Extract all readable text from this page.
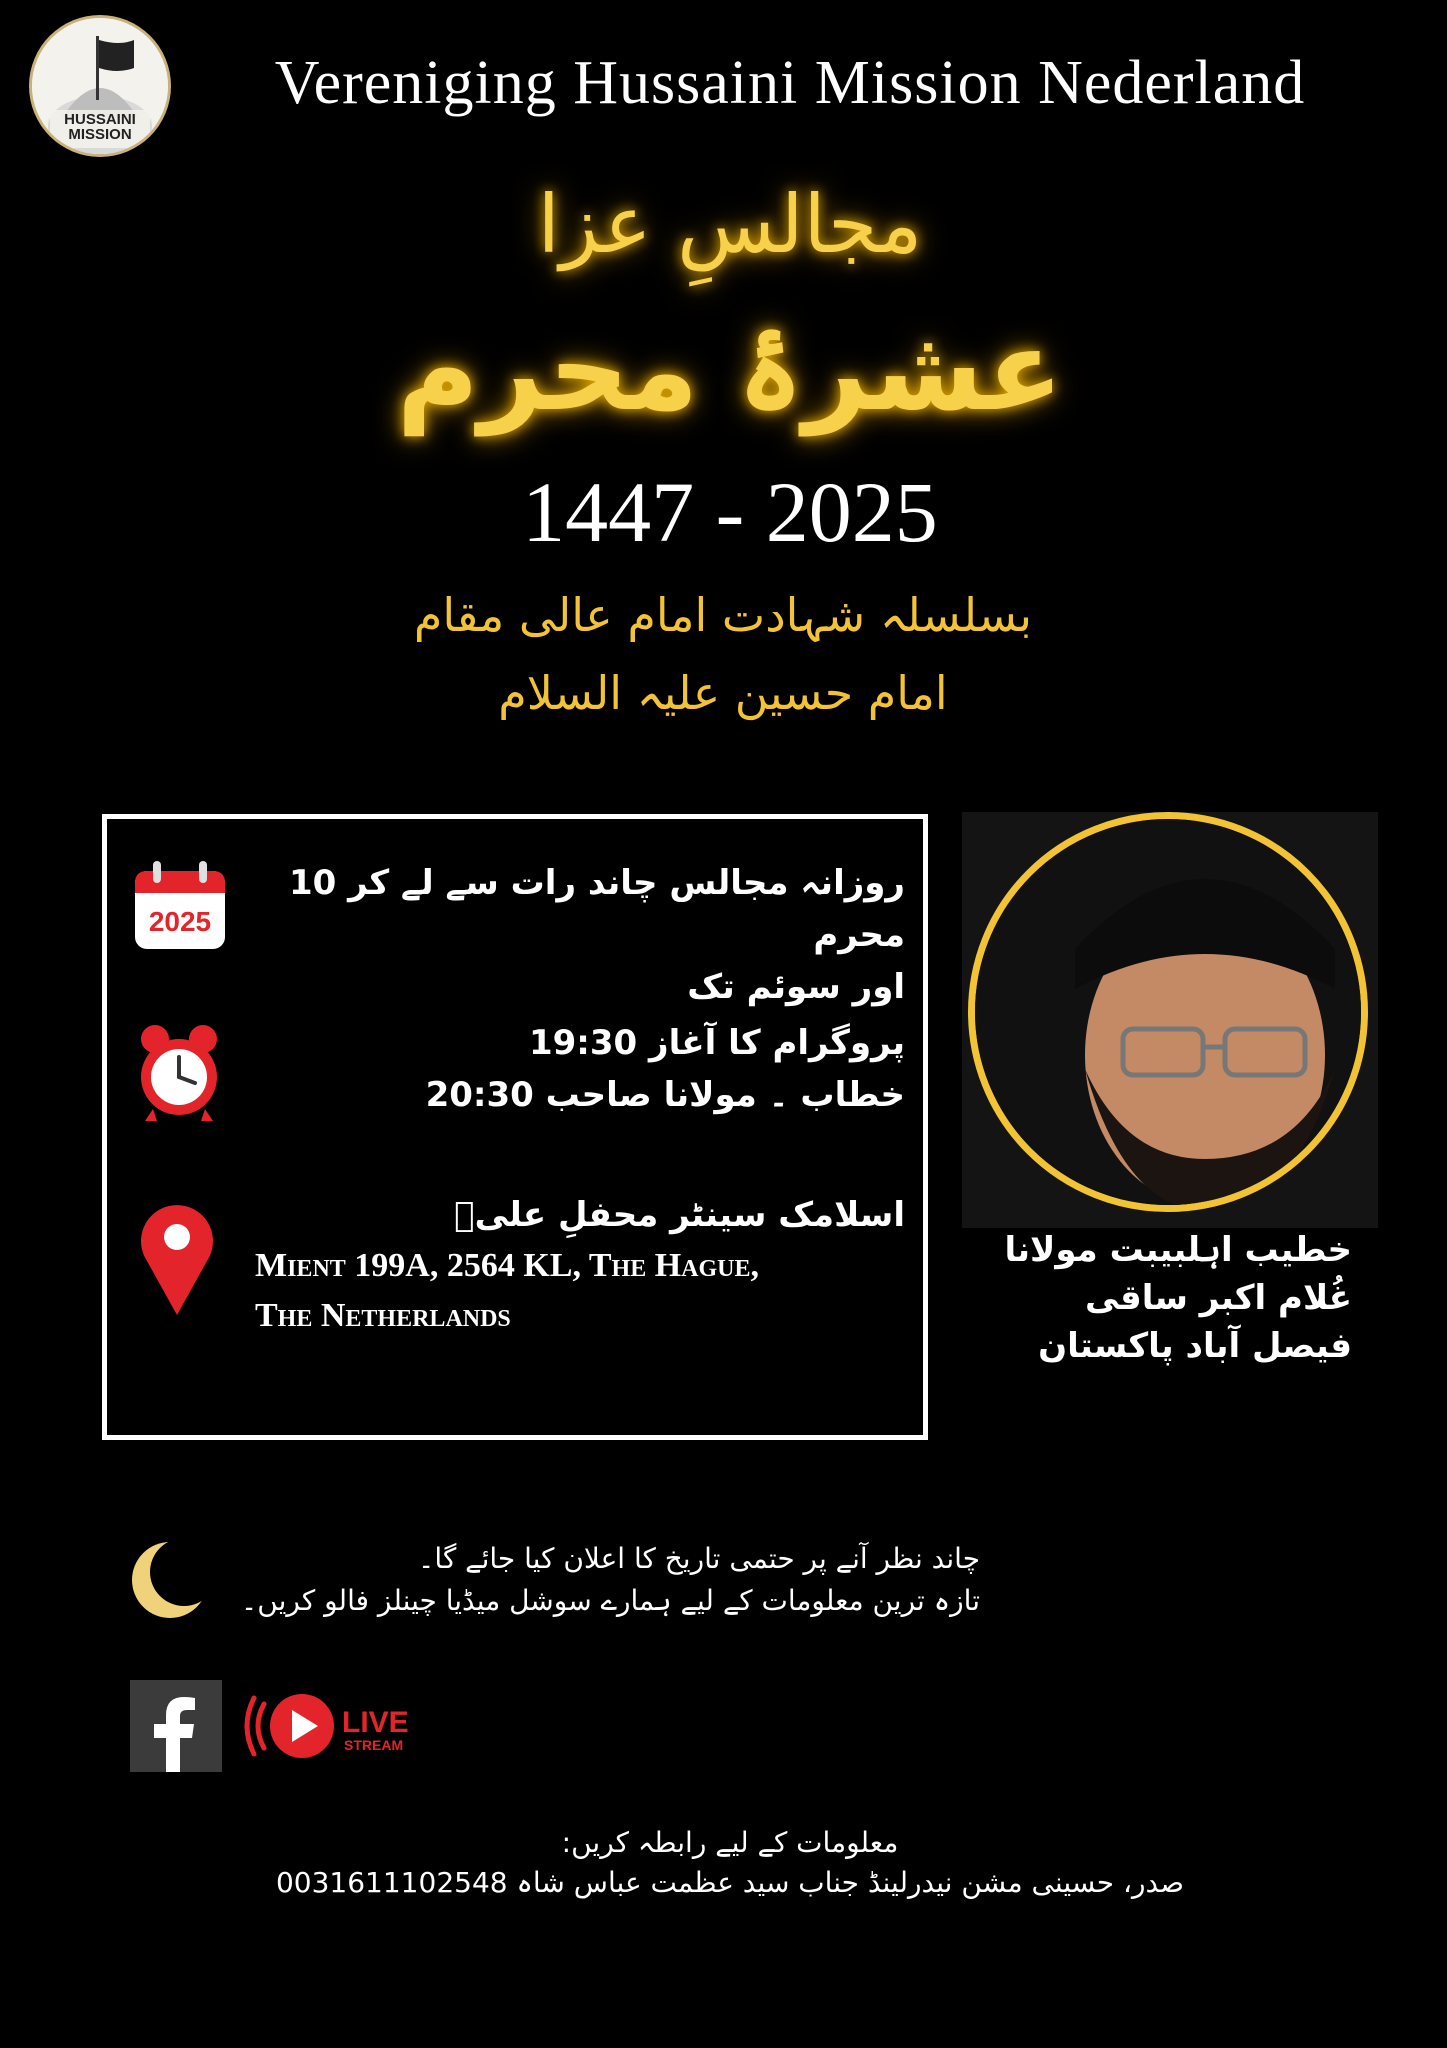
HUSSAINI MISSION
Vereniging Hussaini Mission Nederland
مجالسِ عزا
عشرۂ محرم
1447 - 2025
بسلسلہ شہادت امام عالی مقام
امام حسین علیہ السلام
2025
روزانہ مجالس چاند رات سے لے کر 10 محرم
اور سوئم تک
پروگرام کا آغاز 19:30
خطاب ۔ مولانا صاحب 20:30
اسلامک سینٹر محفلِ علیؑ
Mient 199A, 2564 KL, The Hague,
The Netherlands
خطیب اہلبیبت مولانا
غُلام اکبر ساقی
فیصل آباد پاکستان
چاند نظر آنے پر حتمی تاریخ کا اعلان کیا جائے گا۔
تازہ ترین معلومات کے لیے ہمارے سوشل میڈیا چینلز فالو کریں۔
LIVE
STREAM
معلومات کے لیے رابطہ کریں:
صدر، حسینی مشن نیدرلینڈ جناب سید عظمت عباس شاہ 0031611102548
